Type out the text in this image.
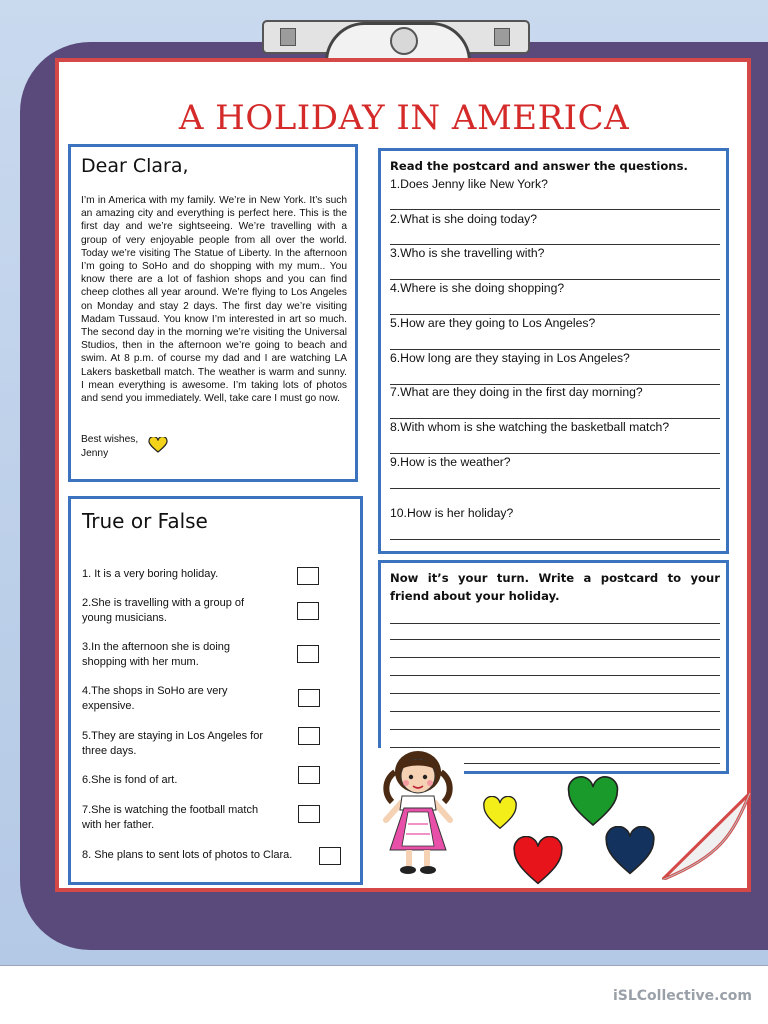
A HOLIDAY IN AMERICA
Dear Clara,

I’m in America with my family. We’re in New York. It’s such an amazing city and everything is perfect here. This is the first day and we’re sightseeing. We’re travelling with a group of very enjoyable people from all over the world. Today we’re visiting The Statue of Liberty. In the afternoon I’m going to SoHo and do shopping with my mum.. You know there are a lot of fashion shops and you can find cheep clothes all year around. We’re flying to Los Angeles on Monday and stay 2 days. The first day we’re visiting Madam Tussaud. You know I’m interested in art so much. The second day in the morning we’re visiting the Universal Studios, then in the afternoon we’re going to beach and swim. At 8 p.m. of course my dad and I are watching LA Lakers basketball match. The weather is warm and sunny. I mean everything is awesome. I’m taking lots of photos and send you immediately. Well, take care I must go now.

Best wishes,
Jenny
Read the postcard and answer the questions.
1.Does Jenny like New York?
2.What is she doing today?
3.Who is she travelling with?
4.Where is she doing shopping?
5.How are they going to Los Angeles?
6.How long are they staying in Los Angeles?
7.What are they doing in the first day morning?
8.With whom is she watching the basketball match?
9.How is the weather?
10.How is her holiday?
True or False
1. It is a very boring holiday.
2.She is travelling with a group of young musicians.
3.In the afternoon she is doing shopping with her mum.
4.The shops in SoHo are very expensive.
5.They are staying in Los Angeles for three days.
6.She is fond of art.
7.She is watching the football match with her father.
8. She plans to sent lots of photos to Clara.
Now it’s your turn. Write a postcard to your friend about your holiday.
iSLCollective.com
